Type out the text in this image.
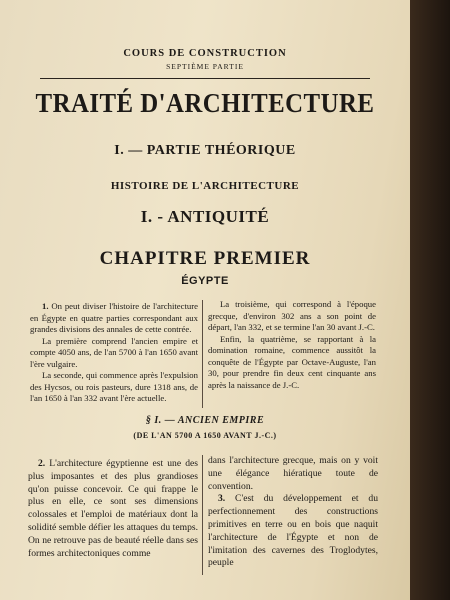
COURS DE CONSTRUCTION
SEPTIÈME PARTIE
TRAITÉ D'ARCHITECTURE
I. — PARTIE THÉORIQUE
HISTOIRE DE L'ARCHITECTURE
I. - ANTIQUITÉ
CHAPITRE PREMIER
ÉGYPTE

1. On peut diviser l'histoire de l'architecture en Égypte en quatre parties correspondant aux grandes divisions des annales de cette contrée.

La première comprend l'ancien empire et compte 4050 ans, de l'an 5700 à l'an 1650 avant l'ère vulgaire.

La seconde, qui commence après l'expulsion des Hycsos, ou rois pasteurs, dure 1318 ans, de l'an 1650 à l'an 332 avant l'ère actuelle.

La troisième, qui correspond à l'époque grecque, d'environ 302 ans a son point de départ, l'an 332, et se termine l'an 30 avant J.-C.

Enfin, la quatrième, se rapportant à la domination romaine, commence aussitôt la conquête de l'Égypte par Octave-Auguste, l'an 30, pour prendre fin deux cent cinquante ans après la naissance de J.-C.

§ I. — ANCIEN EMPIRE
(DE L'AN 5700 A 1650 AVANT J.-C.)

2. L'architecture égyptienne est une des plus imposantes et des plus grandioses qu'on puisse concevoir. Ce qui frappe le plus en elle, ce sont ses dimensions colossales et l'emploi de matériaux dont la solidité semble défier les attaques du temps. On ne retrouve pas de beauté réelle dans ses formes architectoniques comme

dans l'architecture grecque, mais on y voit une élégance hiératique toute de convention.

3. C'est du développement et du perfectionnement des constructions primitives en terre ou en bois que naquit l'architecture de l'Égypte et non de l'imitation des cavernes des Troglodytes, peuple
